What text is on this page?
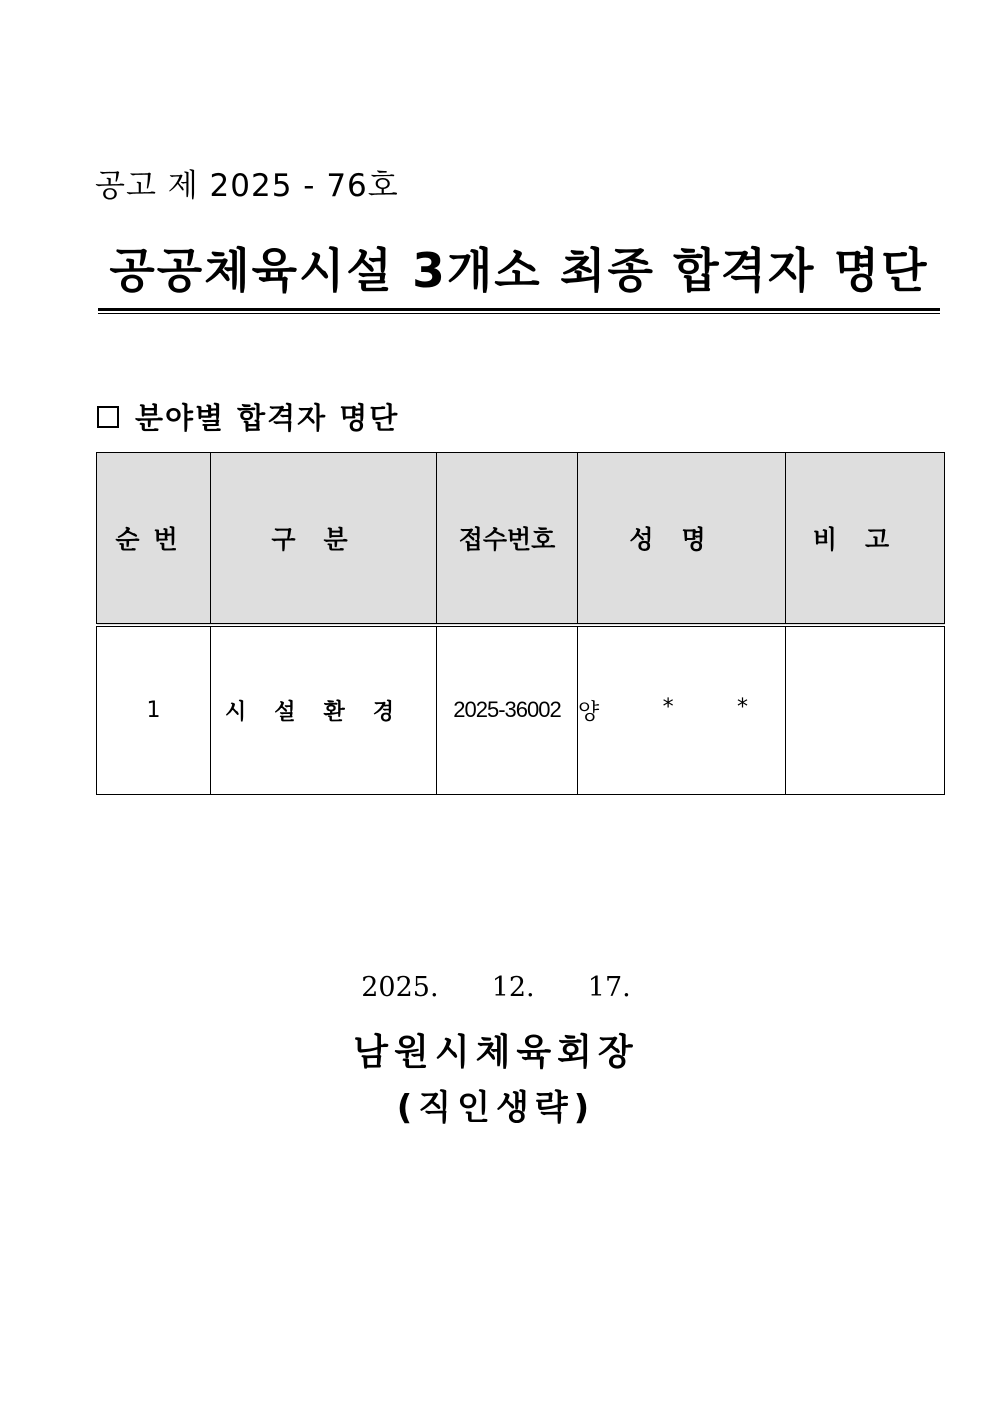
공고 제 2025 - 76호
공공체육시설 3개소 최종 합격자 명단
분야별 합격자 명단
순번	구분	접수번호	성명	비고
1	시설환경	2025-36002	양 * *	

2025.  12.  17.
남원시체육회장
(직인생략)
